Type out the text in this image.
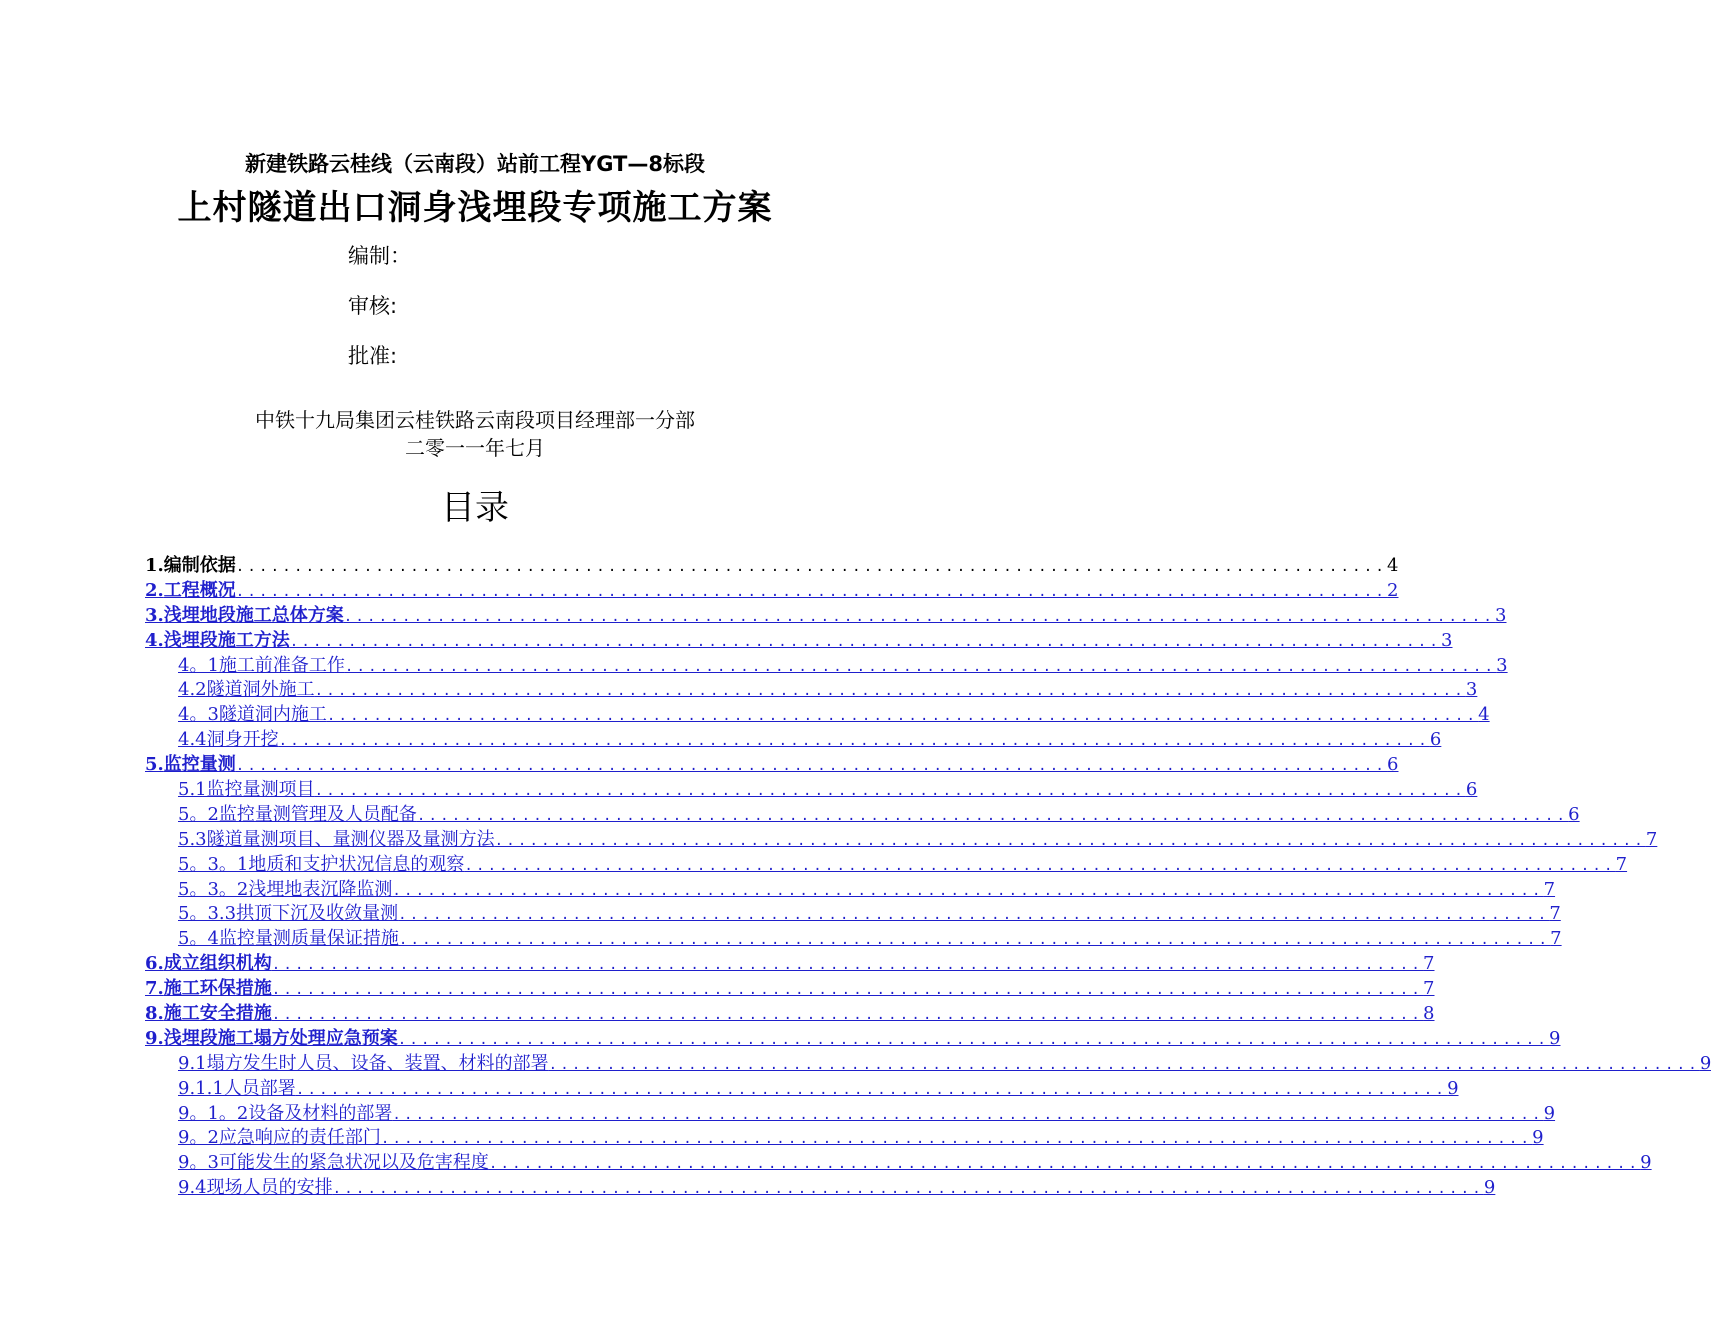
新建铁路云桂线（云南段）站前工程YGT—8标段
上村隧道出口洞身浅埋段专项施工方案
编制：
审核:
批准:
中铁十九局集团云桂铁路云南段项目经理部一分部
二零一一年七月
目录
1. 编制依据 ................................................................................................... 4
2. 工程概况 ................................................................................................... 2
3. 浅埋地段施工总体方案 ................................................................................................... 3
4. 浅埋段施工方法 ................................................................................................... 3
4。1施工前准备工作 ................................................................................................... 3
4.2隧道洞外施工 ................................................................................................... 3
4。3隧道洞内施工 ................................................................................................... 4
4.4洞身开挖 ................................................................................................... 6
5. 监控量测 ................................................................................................... 6
5.1监控量测项目 ................................................................................................... 6
5。2监控量测管理及人员配备 ................................................................................................... 6
5.3隧道量测项目、量测仪器及量测方法 ................................................................................................... 7
5。3。1地质和支护状况信息的观察 ................................................................................................... 7
5。3。2浅埋地表沉降监测 ................................................................................................... 7
5。3.3拱顶下沉及收敛量测 ................................................................................................... 7
5。4监控量测质量保证措施 ................................................................................................... 7
6. 成立组织机构 ................................................................................................... 7
7. 施工环保措施 ................................................................................................... 7
8. 施工安全措施 ................................................................................................... 8
9. 浅埋段施工塌方处理应急预案 ................................................................................................... 9
9.1塌方发生时人员、设备、装置、材料的部署 ................................................................................................... 9
9.1.1人员部署 ................................................................................................... 9
9。1。2设备及材料的部署 ................................................................................................... 9
9。2应急响应的责任部门 ................................................................................................... 9
9。3可能发生的紧急状况以及危害程度 ................................................................................................... 9
9.4现场人员的安排 ................................................................................................... 9
